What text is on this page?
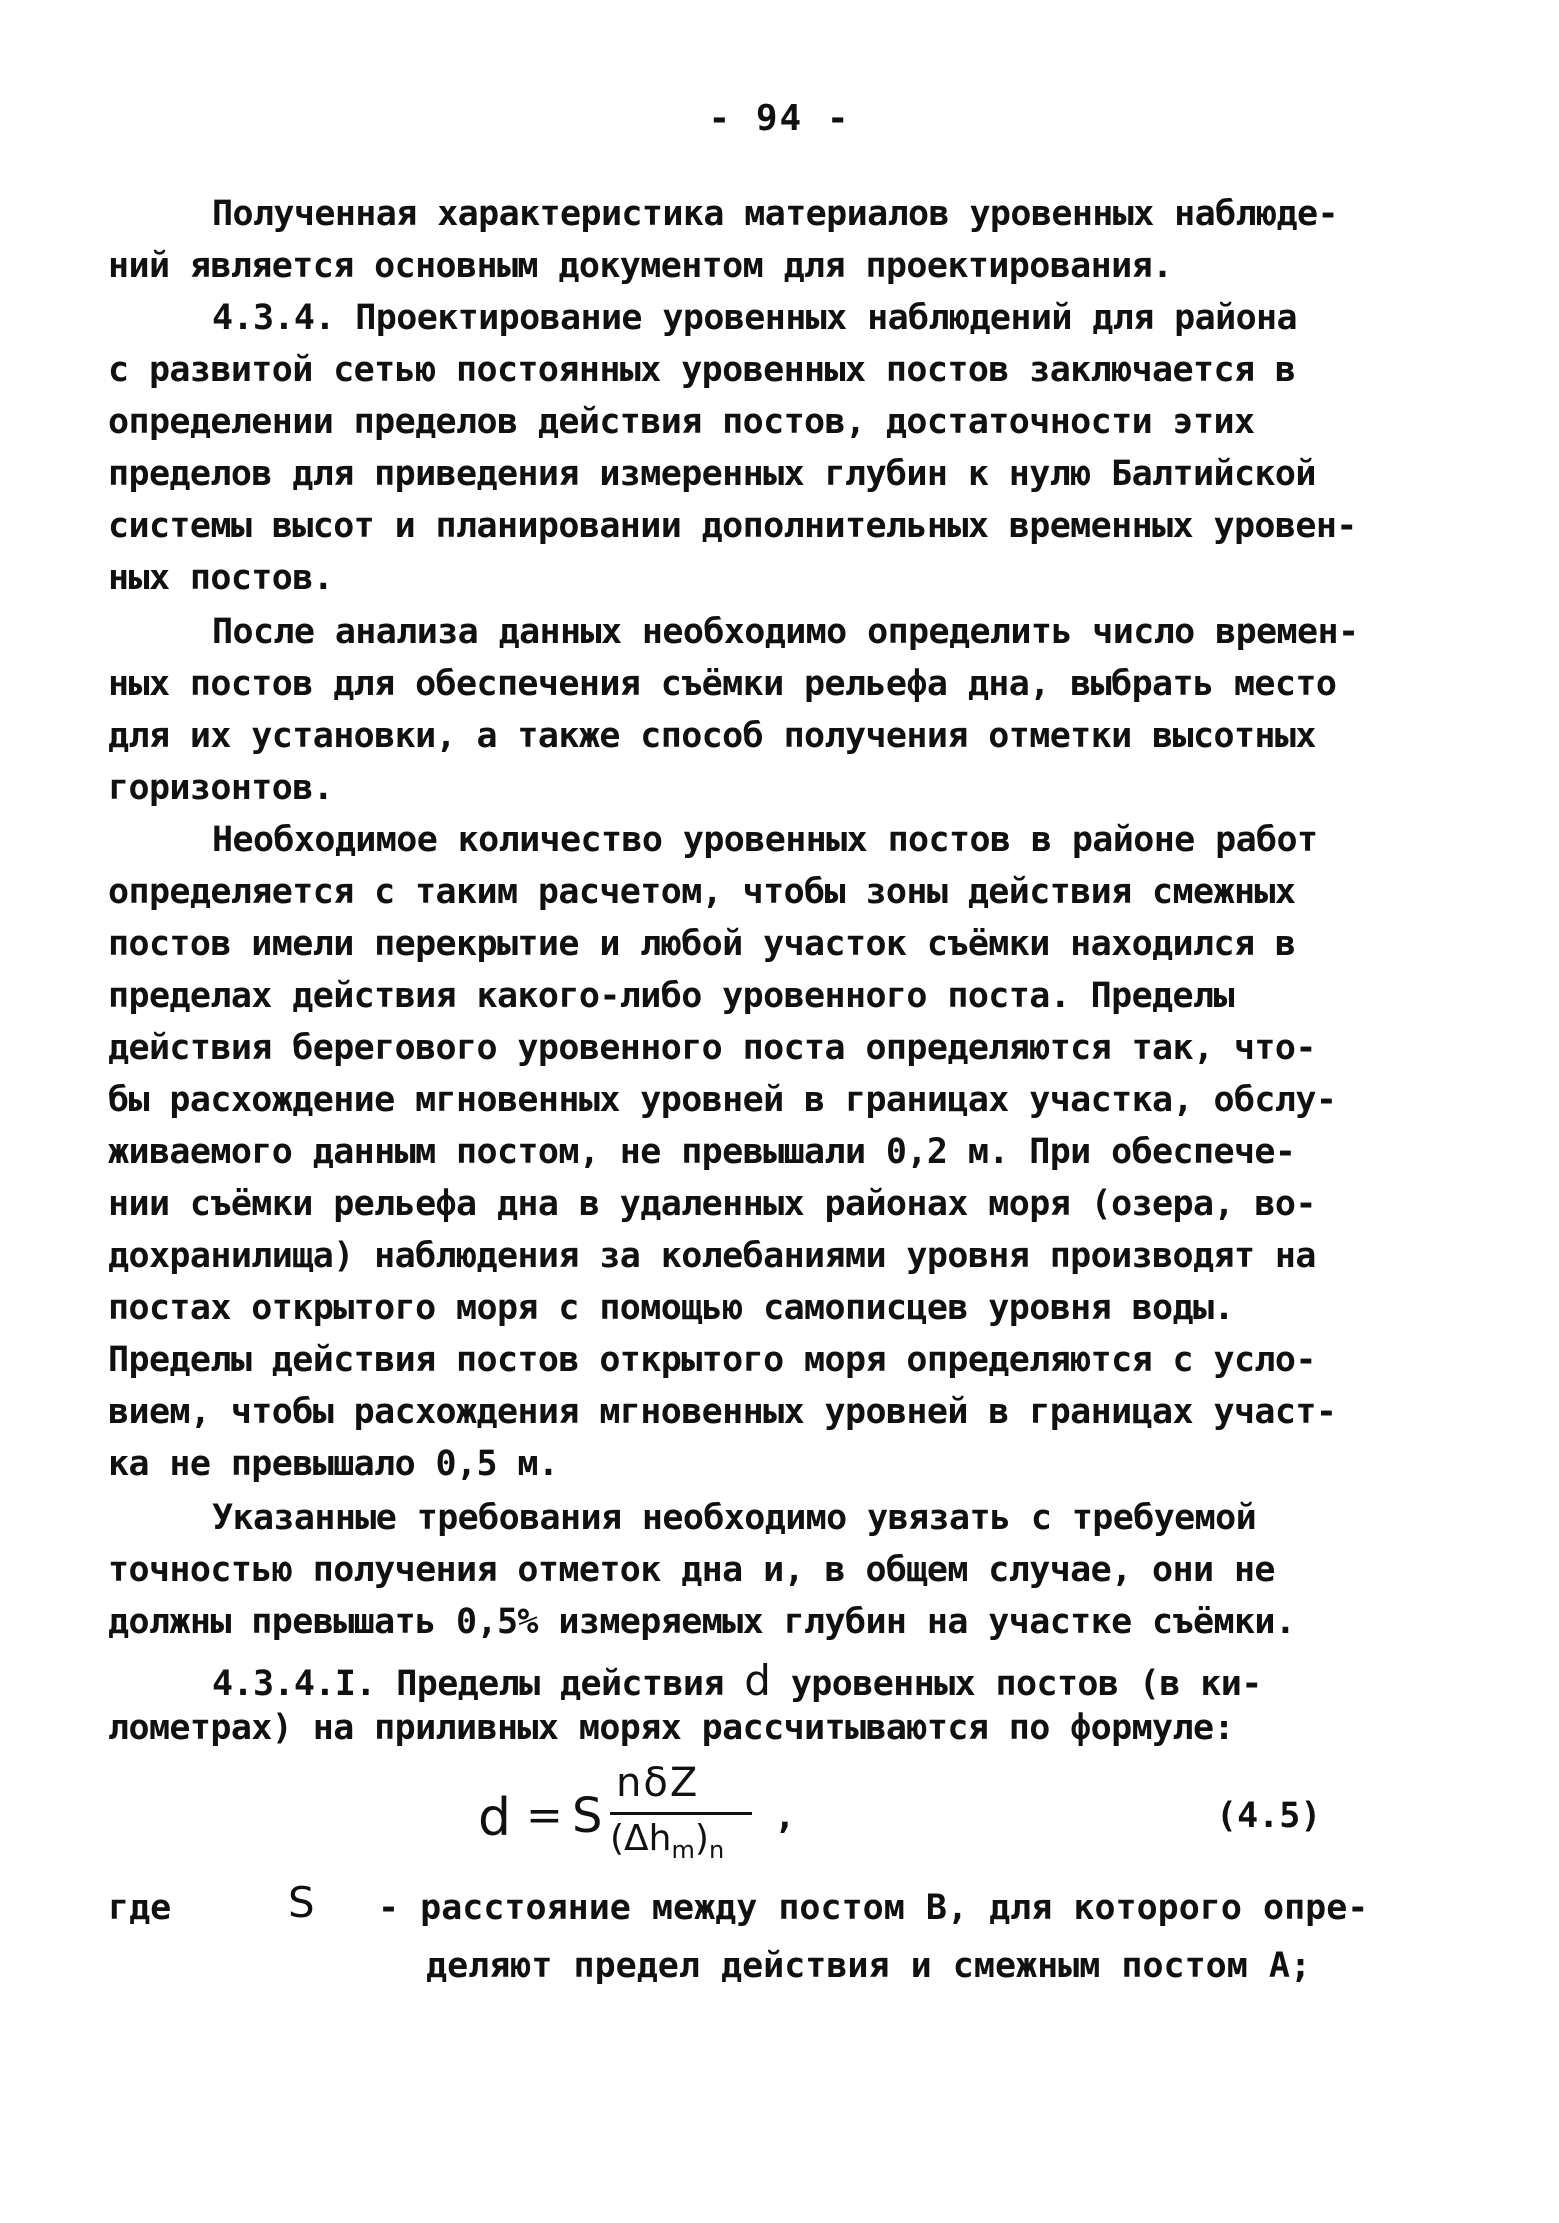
- 94 -
Полученная характеристика материалов уровенных наблюде-
ний является основным документом для проектирования.
4.3.4. Проектирование уровенных наблюдений для района
с развитой сетью постоянных уровенных постов заключается в
определении пределов действия постов, достаточности этих
пределов для приведения измеренных глубин к нулю Балтийской
системы высот и планировании дополнительных временных уровен-
ных постов.
После анализа данных необходимо определить число времен-
ных постов для обеспечения съёмки рельефа дна, выбрать место
для их установки, а также способ получения отметки высотных
горизонтов.
Необходимое количество уровенных постов в районе работ
определяется с таким расчетом, чтобы зоны действия смежных
постов имели перекрытие и любой участок съёмки находился в
пределах действия какого-либо уровенного поста. Пределы
действия берегового уровенного поста определяются так, что-
бы расхождение мгновенных уровней в границах участка, обслу-
живаемого данным постом, не превышали 0,2 м. При обеспече-
нии съёмки рельефа дна в удаленных районах моря (озера, во-
дохранилища) наблюдения за колебаниями уровня производят на
постах открытого моря с помощью самописцев уровня воды.
Пределы действия постов открытого моря определяются с усло-
вием, чтобы расхождения мгновенных уровней в границах участ-
ка не превышало 0,5 м.
Указанные требования необходимо увязать с требуемой
точностью получения отметок дна и, в общем случае, они не
должны превышать 0,5% измеряемых глубин на участке съёмки.
4.3.4.I. Пределы действия d уровенных постов (в ки-
лометрах) на приливных морях рассчитываются по формуле:
d = S
nδZ
$(\Delta h_m)_n$
,	(4.5)
где	S - расстояние между постом В, для которого опре-
деляют предел действия и смежным постом А;
